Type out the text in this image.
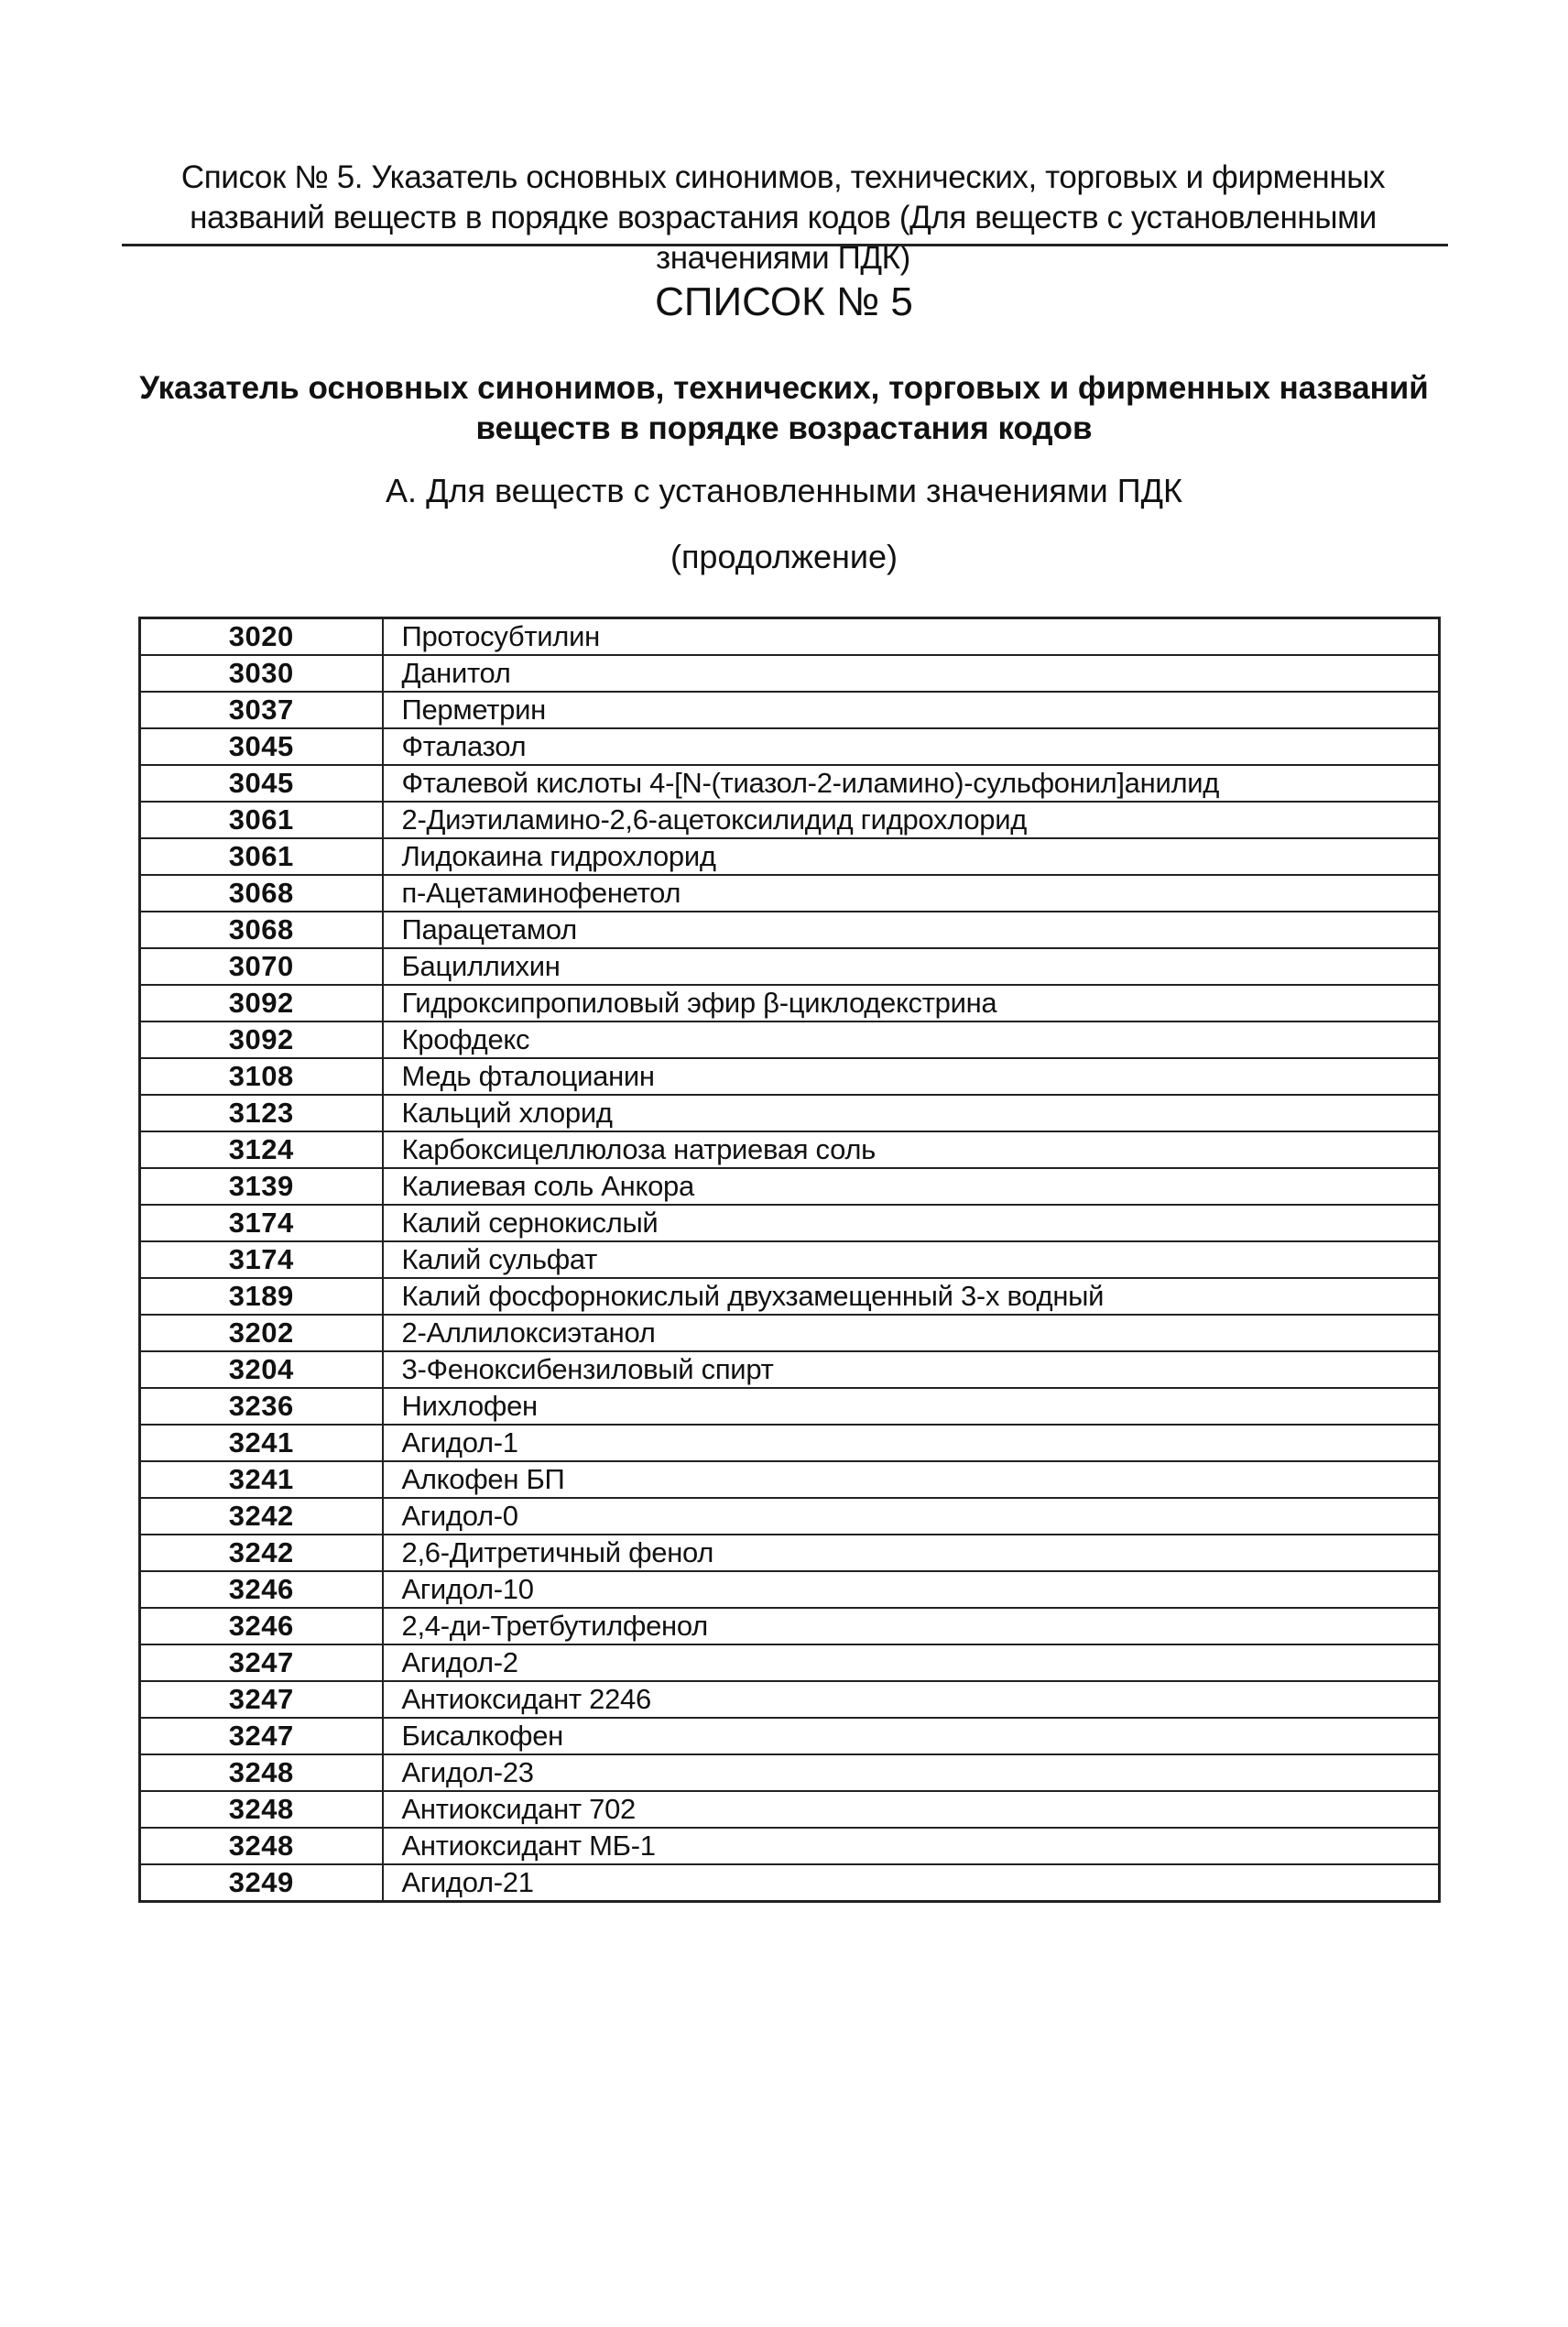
Список № 5. Указатель основных синонимов, технических, торговых и фирменных названий веществ в порядке возрастания кодов (Для веществ с установленными значениями ПДК)
СПИСОК № 5
Указатель основных синонимов, технических, торговых и фирменных названий веществ в порядке возрастания кодов
А. Для веществ с установленными значениями ПДК
(продолжение)
3020	Протосубтилин
3030	Данитол
3037	Перметрин
3045	Фталазол
3045	Фталевой кислоты 4-[N-(тиазол-2-иламино)-сульфонил]анилид
3061	2-Диэтиламино-2,6-ацетоксилидид гидрохлорид
3061	Лидокаина гидрохлорид
3068	п-Ацетаминофенетол
3068	Парацетамол
3070	Бациллихин
3092	Гидроксипропиловый эфир β-циклодекстрина
3092	Крофдекс
3108	Медь фталоцианин
3123	Кальций хлорид
3124	Карбоксицеллюлоза натриевая соль
3139	Калиевая соль Анкора
3174	Калий сернокислый
3174	Калий сульфат
3189	Калий фосфорнокислый двухзамещенный 3-х водный
3202	2-Аллилоксиэтанол
3204	3-Феноксибензиловый спирт
3236	Нихлофен
3241	Агидол-1
3241	Алкофен БП
3242	Агидол-0
3242	2,6-Дитретичный фенол
3246	Агидол-10
3246	2,4-ди-Третбутилфенол
3247	Агидол-2
3247	Антиоксидант 2246
3247	Бисалкофен
3248	Агидол-23
3248	Антиоксидант 702
3248	Антиоксидант МБ-1
3249	Агидол-21
